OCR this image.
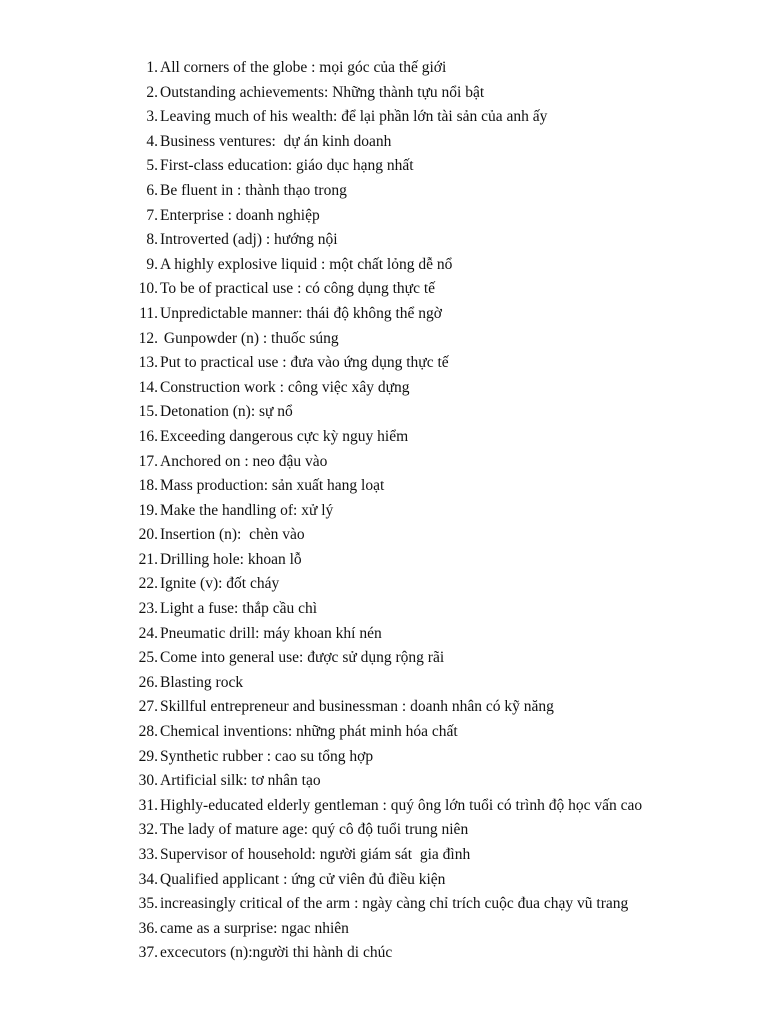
1. All corners of the globe : mọi góc của thế giới
2. Outstanding achievements: Những thành tựu nổi bật
3. Leaving much of his wealth: để lại phần lớn tài sản của anh ấy
4. Business ventures:  dự án kinh doanh
5. First-class education: giáo dục hạng nhất
6. Be fluent in : thành thạo trong
7. Enterprise : doanh nghiệp
8. Introverted (adj) : hướng nội
9. A highly explosive liquid : một chất lỏng dễ nổ
10. To be of practical use : có công dụng thực tế
11. Unpredictable manner: thái độ không thể ngờ
12. Gunpowder (n) : thuốc súng
13. Put to practical use : đưa vào ứng dụng thực tế
14. Construction work : công việc xây dựng
15. Detonation (n): sự nổ
16. Exceeding dangerous cực kỳ nguy hiểm
17. Anchored on : neo đậu vào
18. Mass production: sản xuất hang loạt
19. Make the handling of: xử lý
20. Insertion (n):  chèn vào
21. Drilling hole: khoan lỗ
22. Ignite (v): đốt cháy
23. Light a fuse: thắp cầu chì
24. Pneumatic drill: máy khoan khí nén
25. Come into general use: được sử dụng rộng rãi
26. Blasting rock
27. Skillful entrepreneur and businessman : doanh nhân có kỹ năng
28. Chemical inventions: những phát minh hóa chất
29. Synthetic rubber : cao su tổng hợp
30. Artificial silk: tơ nhân tạo
31. Highly-educated elderly gentleman : quý ông lớn tuổi có trình độ học vấn cao
32. The lady of mature age: quý cô độ tuổi trung niên
33. Supervisor of household: người giám sát  gia đình
34. Qualified applicant : ứng cử viên đủ điều kiện
35. increasingly critical of the arm : ngày càng chỉ trích cuộc đua chạy vũ trang
36. came as a surprise: ngac nhiên
37. excecutors (n):người thi hành di chúc
